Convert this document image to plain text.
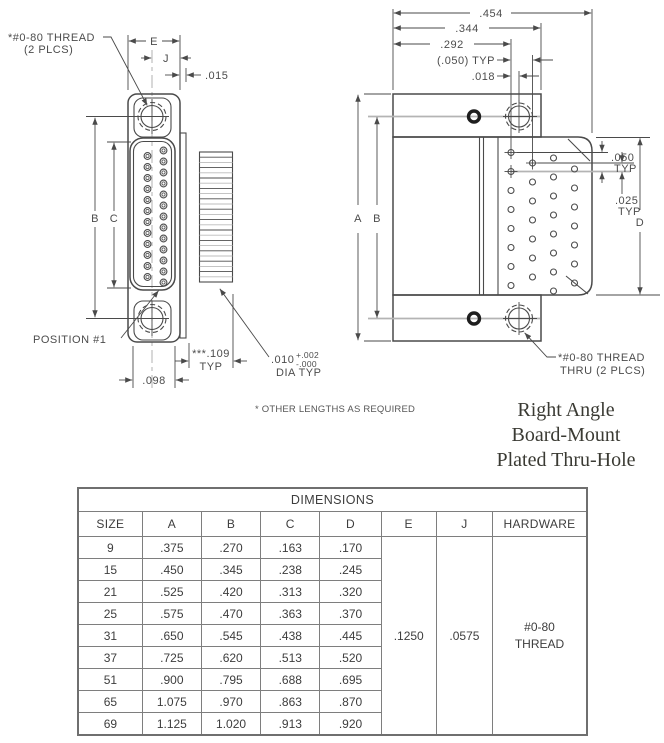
E
J
.015
B C
POSITION #1
.098
***.109
TYP
.010 +.002
-.000
DIA TYP
*#0-80 THREAD
(2 PLCS)
.454
.344
.292
(.050) TYP
.018
A B	D
.050
TYP
.025
TYP
*#0-80 THREAD
THRU (2 PLCS)
* OTHER LENGTHS AS REQUIRED	Right Angle
Board-Mount
Plated Thru-Hole
DIMENSIONS							
SIZE	A	B	C	D	E	J	HARDWARE
9	.375	.270	.163	.170	.1250	.0575	#0-80
THREAD

15	.450	.345	.238	.245			
21	.525	.420	.313	.320			
25	.575	.470	.363	.370			
31	.650	.545	.438	.445			
37	.725	.620	.513	.520			
51	.900	.795	.688	.695			
65	1.075	.970	.863	.870			
69	1.125	1.020	.913	.920			
